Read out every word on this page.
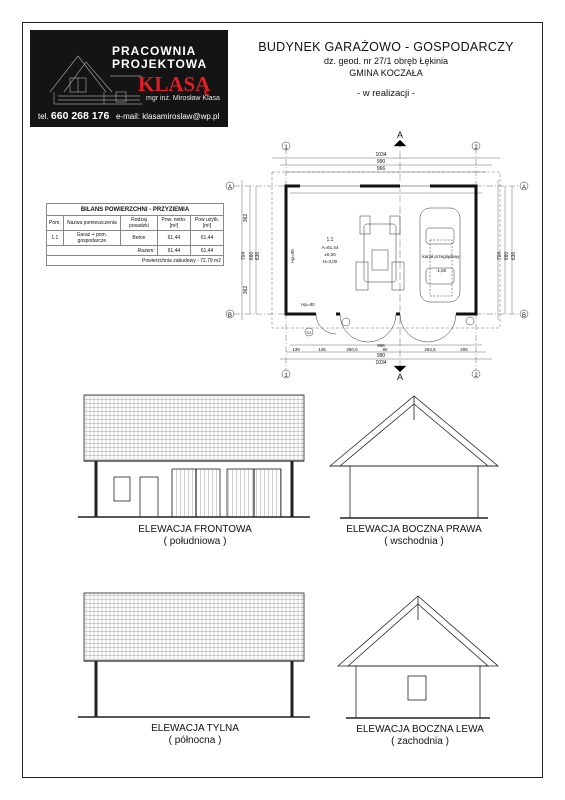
PRACOWNIA
PROJEKTOWA
KLASĄ
mgr inż. Mirosław Klasa
tel. 660 268 176 e-mail: klasamiroslaw@wp.pl
BUDYNEK GARAŻOWO - GOSPODARCZY
dz. geod. nr 27/1 obręb Łękinia
GMINA KOCZAŁA
- w realizacji -
BILANS POWIERZCHNI - PRZYZIEMIA				
Pom.	Nazwa pomieszczenia	Rodzaj posadzki	Pow. netto. [m²]	Pow użytk. [m²]
1.1	Garaż + pom. gospodarcze	Beton	61,44	61,44
Razem:			61,44	61,44
Powierzchnia zabudowy - 72,79 m2				
A
A
1	2
1	2
A	A
B	B
1034
990
966
139	145	250,5	90	294,5	205
966
990
1034
1.1
A=61,44
±0,00
H=3,00
kanał przeglądowy
-1,60
704 660 636
362
362
704 660 636
Hp=90
Hp=80
D1
ELEWACJA FRONTOWA
( południowa )
ELEWACJA BOCZNA PRAWA
( wschodnia )
ELEWACJA TYLNA
( północna )
ELEWACJA BOCZNA LEWA
( zachodnia )
